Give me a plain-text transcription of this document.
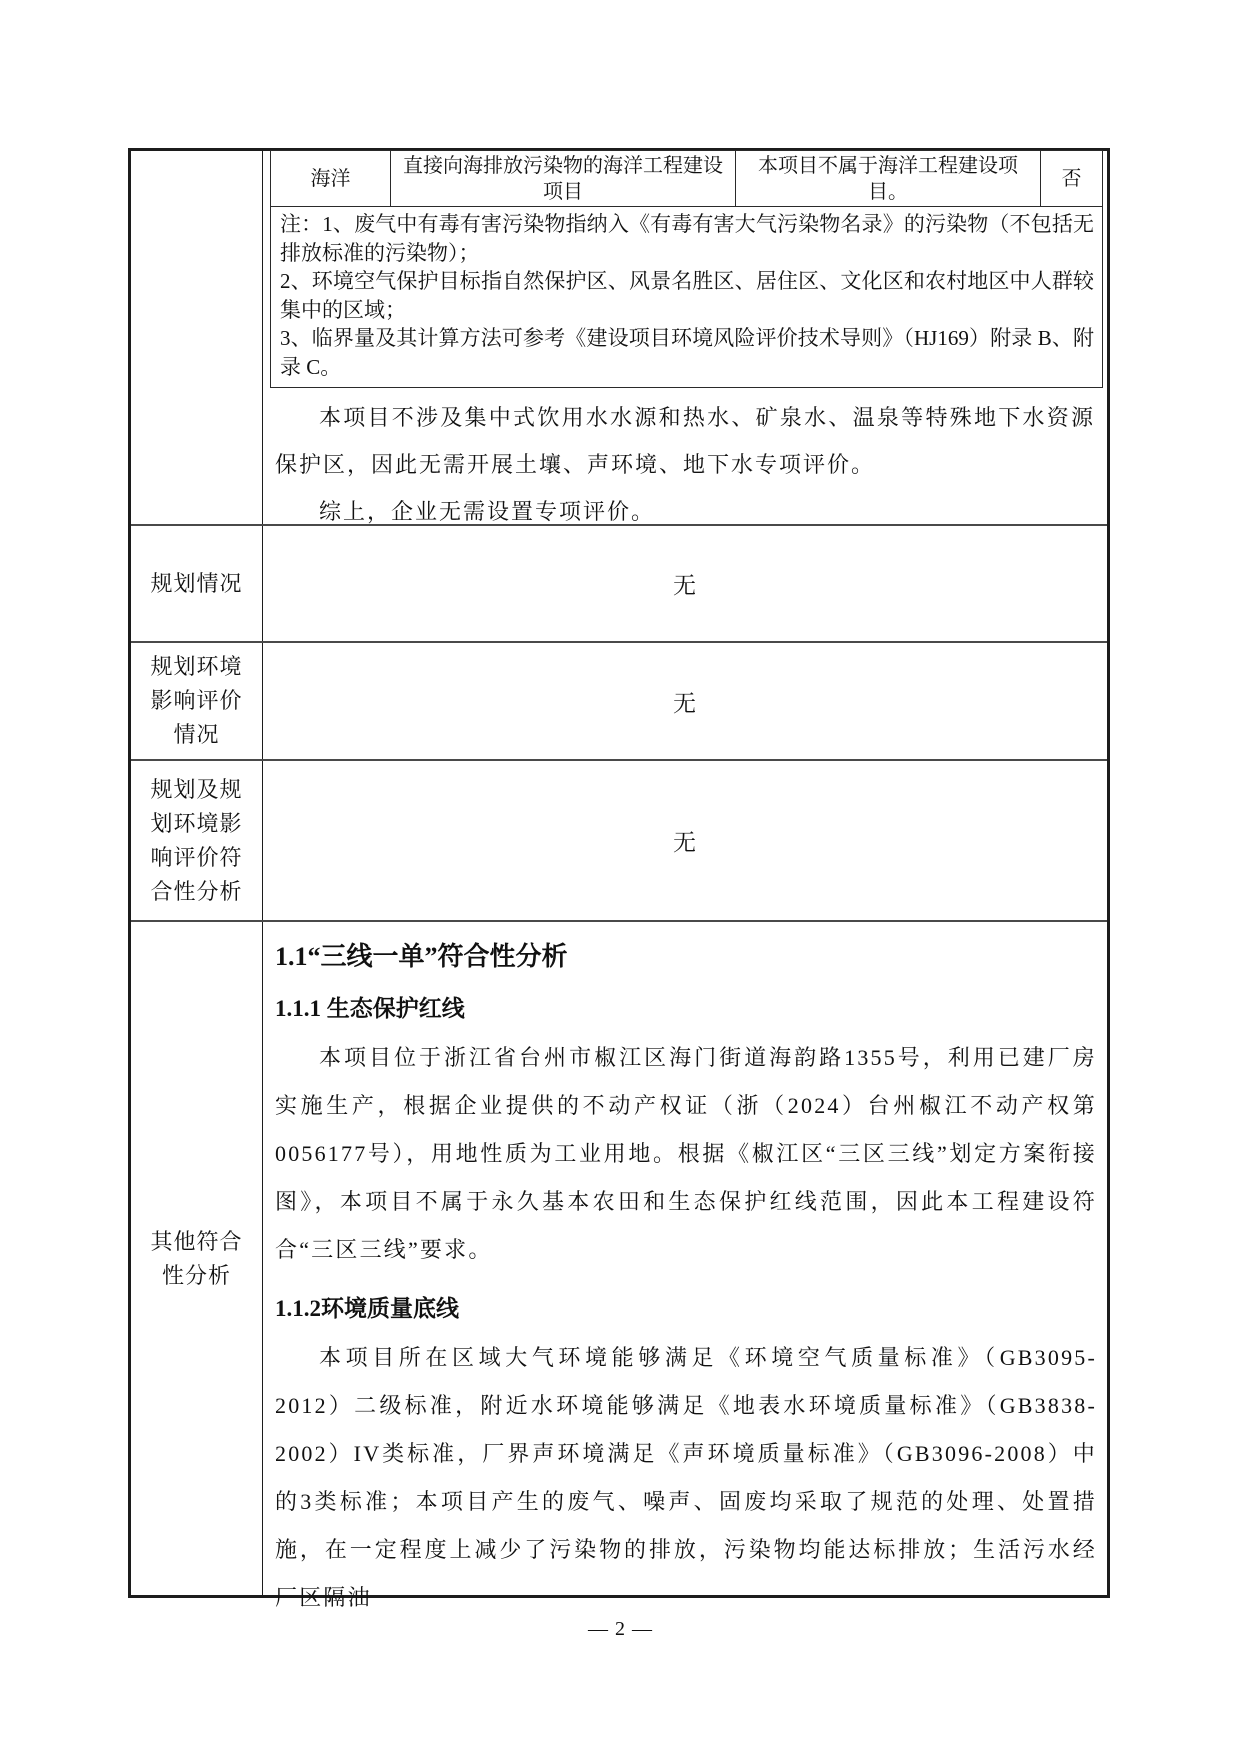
海洋
直接向海排放污染物的海洋工程建设项目
本项目不属于海洋工程建设项目。
否
注：1、废气中有毒有害污染物指纳入《有毒有害大气污染物名录》的污染物（不包括无排放标准的污染物）；
2、环境空气保护目标指自然保护区、风景名胜区、居住区、文化区和农村地区中人群较集中的区域；
3、临界量及其计算方法可参考《建设项目环境风险评价技术导则》（HJ169）附录 B、附录 C。

本项目不涉及集中式饮用水水源和热水、矿泉水、温泉等特殊地下水资源保护区，因此无需开展土壤、声环境、地下水专项评价。

综上，企业无需设置专项评价。

规划情况	无
规划环境影响评价情况
无
规划及规划环境影响评价符合性分析
无
其他符合性分析
1.1“三线一单”符合性分析
1.1.1 生态保护红线

本项目位于浙江省台州市椒江区海门街道海韵路1355号，利用已建厂房实施生产，根据企业提供的不动产权证（浙（2024）台州椒江不动产权第0056177号），用地性质为工业用地。根据《椒江区“三区三线”划定方案衔接图》，本项目不属于永久基本农田和生态保护红线范围，因此本工程建设符合“三区三线”要求。

1.1.2环境质量底线

本项目所在区域大气环境能够满足《环境空气质量标准》（GB3095-2012）二级标准，附近水环境能够满足《地表水环境质量标准》（GB3838-2002）IV类标准，厂界声环境满足《声环境质量标准》（GB3096-2008）中的3类标准；本项目产生的废气、噪声、固废均采取了规范的处理、处置措施，在一定程度上减少了污染物的排放，污染物均能达标排放；生活污水经厂区隔油

— 2 —
